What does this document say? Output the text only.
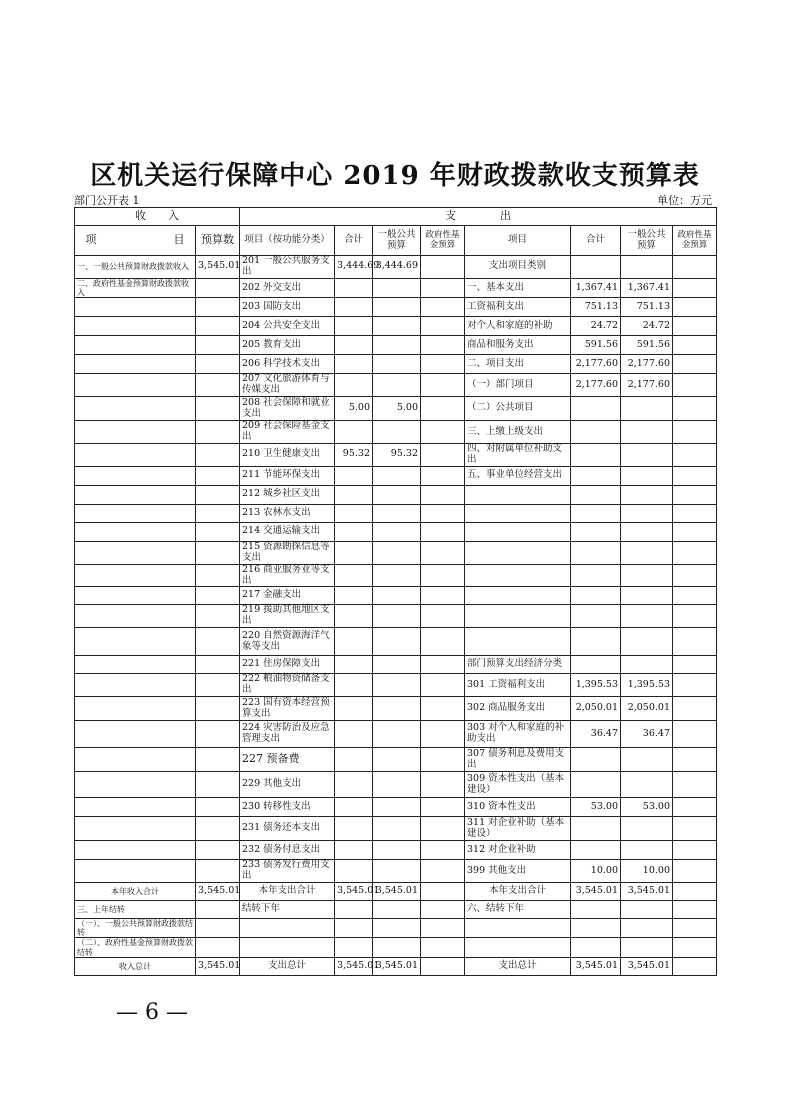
区机关运行保障中心 2019 年财政拨款收支预算表
部门公开表 1	单位：万元
收　　入		支　　　　出							
项　　　　　　　目	预算数	项目（按功能分类）	合计	一般公共预算	政府性基金预算	项目	合计	一般公共预算	政府性基金预算
一、一般公共预算财政拨款收入	3,545.01	201 一般公共服务支出	3,444.69	3,444.69		支出项目类别			
二、政府性基金预算财政拨款收入		202 外交支出				一、基本支出	1,367.41	1,367.41	
		203 国防支出				工资福利支出	751.13	751.13	
		204 公共安全支出				对个人和家庭的补助	24.72	24.72	
		205 教育支出				商品和服务支出	591.56	591.56	
		206 科学技术支出				二、项目支出	2,177.60	2,177.60	
		207 文化旅游体育与传媒支出				（一）部门项目	2,177.60	2,177.60	
		208 社会保障和就业支出	5.00	5.00		（二）公共项目			
		209 社会保险基金支出				三、上缴上级支出			
		210 卫生健康支出	95.32	95.32		四、对附属单位补助支出			
		211 节能环保支出				五、事业单位经营支出			
		212 城乡社区支出							
		213 农林水支出							
		214 交通运输支出							
		215 资源勘探信息等支出							
		216 商业服务业等支出							
		217 金融支出							
		219 援助其他地区支出							
		220 自然资源海洋气象等支出							
		221 住房保障支出				部门预算支出经济分类			
		222 粮油物资储备支出				301 工资福利支出	1,395.53	1,395.53	
		223 国有资本经营预算支出				302 商品服务支出	2,050.01	2,050.01	
		224 灾害防治及应急管理支出				303 对个人和家庭的补助支出	36.47	36.47	
		227 预备费				307 债务利息及费用支出			
		229 其他支出				309 资本性支出（基本建设）			
		230 转移性支出				310 资本性支出	53.00	53.00	
		231 债务还本支出				311 对企业补助（基本建设）			
		232 债务付息支出				312 对企业补助			
		233 债务发行费用支出				399 其他支出	10.00	10.00	
本年收入合计	3,545.01	本年支出合计	3,545.01	3,545.01		本年支出合计	3,545.01	3,545.01	
三、上年结转		结转下年				六、结转下年			
（一）、一般公共预算财政拨款结转									
（二）、政府性基金预算财政拨款结转									
收入总计	3,545.01	支出总计	3,545.01	3,545.01		支出总计	3,545.01	3,545.01	
— 6 —
